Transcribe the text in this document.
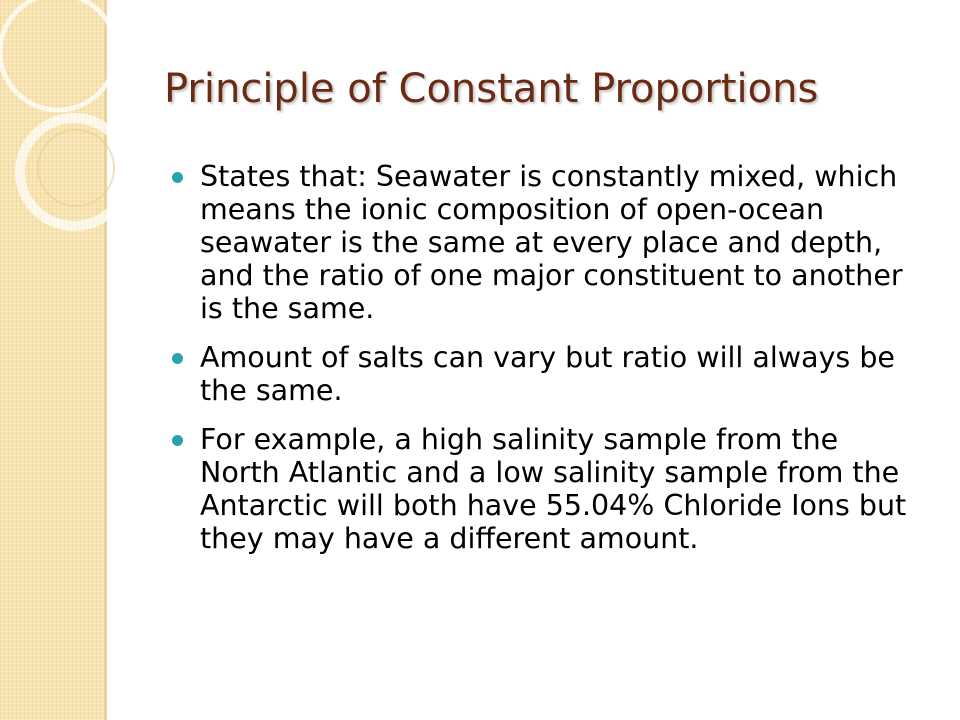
Principle of Constant Proportions
States that: Seawater is constantly mixed, which means the ionic composition of open-ocean seawater is the same at every place and depth, and the ratio of one major constituent to another is the same.
Amount of salts can vary but ratio will always be the same.
For example, a high salinity sample from the North Atlantic and a low salinity sample from the Antarctic will both have 55.04% Chloride Ions but they may have a different amount.
